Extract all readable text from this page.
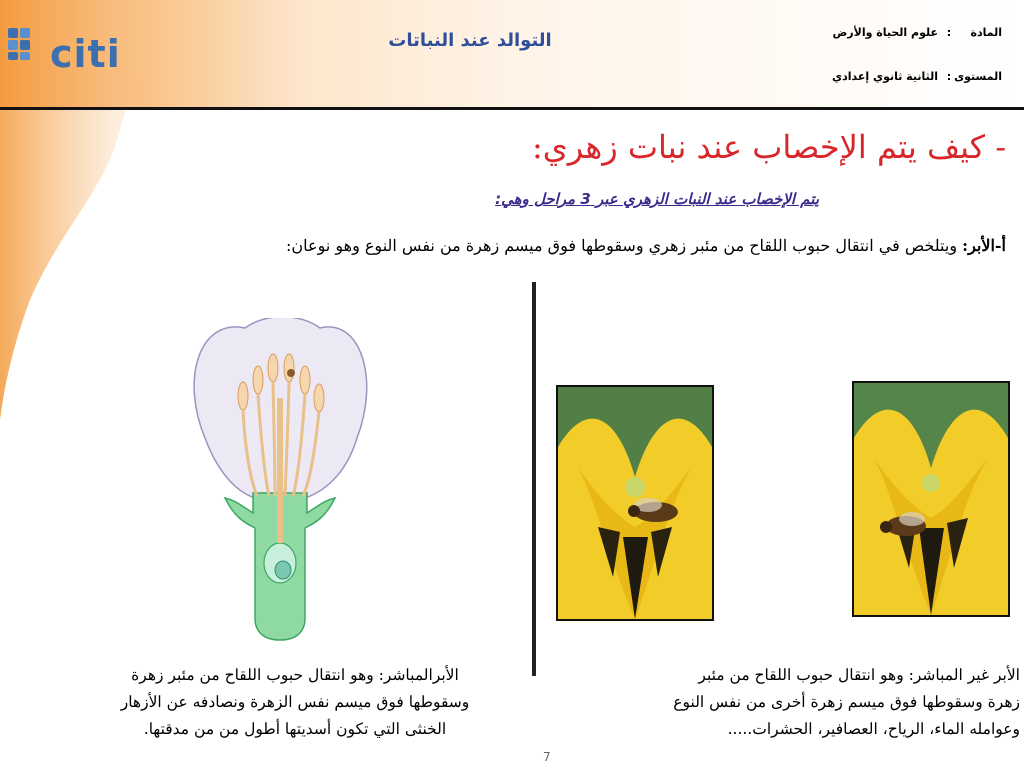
citi	التوالد عند النباتات	المادة:علوم الحياة والأرض
المستوى:الثانية ثانوي إعدادي
- كيف يتم الإخصاب عند نبات زهري:
يتم الإخصاب عند النبات الزهري عبر 3 مراحل وهي:
أ-الأبر: ويتلخص في انتقال حبوب اللقاح من مئبر زهري وسقوطها فوق ميسم زهرة من نفس النوع وهو نوعان:
الأبر غير المباشر: وهو انتقال حبوب اللقاح من مئبر
زهرة وسقوطها فوق ميسم زهرة أخرى من نفس النوع
وعوامله الماء، الرياح، العصافير، الحشرات.....
الأبرالمباشر: وهو انتقال حبوب اللقاح من مئبر زهرة
وسقوطها فوق ميسم نفس الزهرة ونصادفه عن الأزهار
الخنثى التي تكون أسديتها أطول من من مدقتها.
7
